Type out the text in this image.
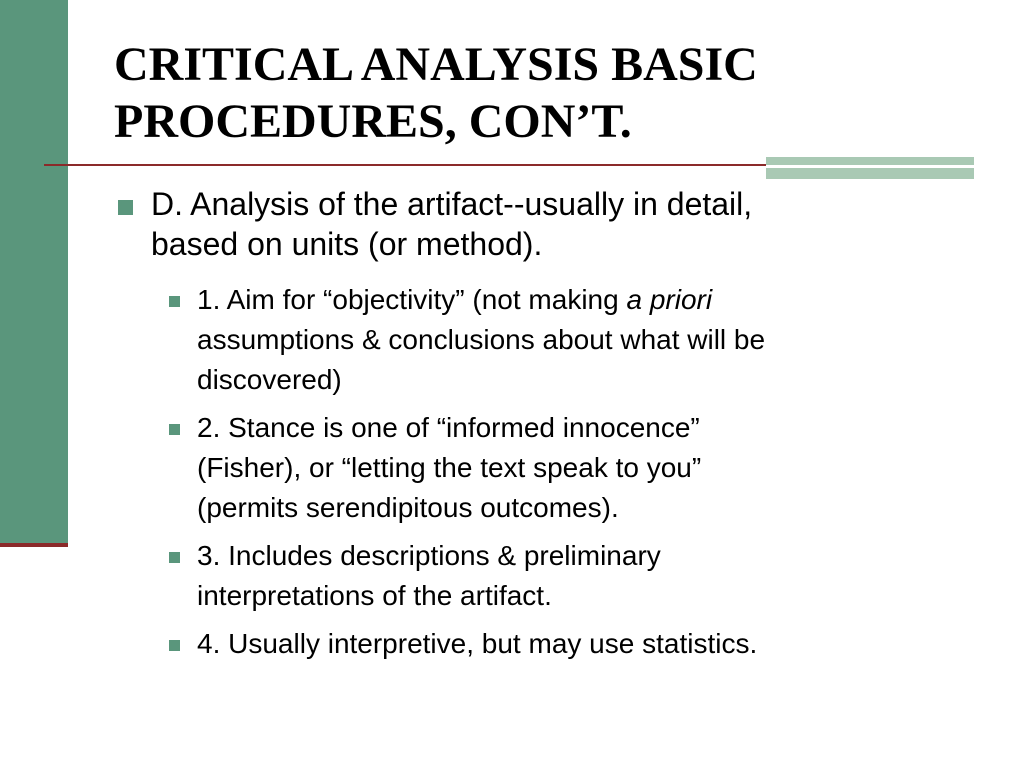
CRITICAL ANALYSIS BASIC
PROCEDURES, CON’T.
D. Analysis of the artifact--usually in detail,
based on units (or method).
1. Aim for “objectivity” (not making a priori
assumptions & conclusions about what will be
discovered)
2. Stance is one of “informed innocence”
(Fisher), or “letting the text speak to you”
(permits serendipitous outcomes).
3. Includes descriptions & preliminary
interpretations of the artifact.
4. Usually interpretive, but may use statistics.
